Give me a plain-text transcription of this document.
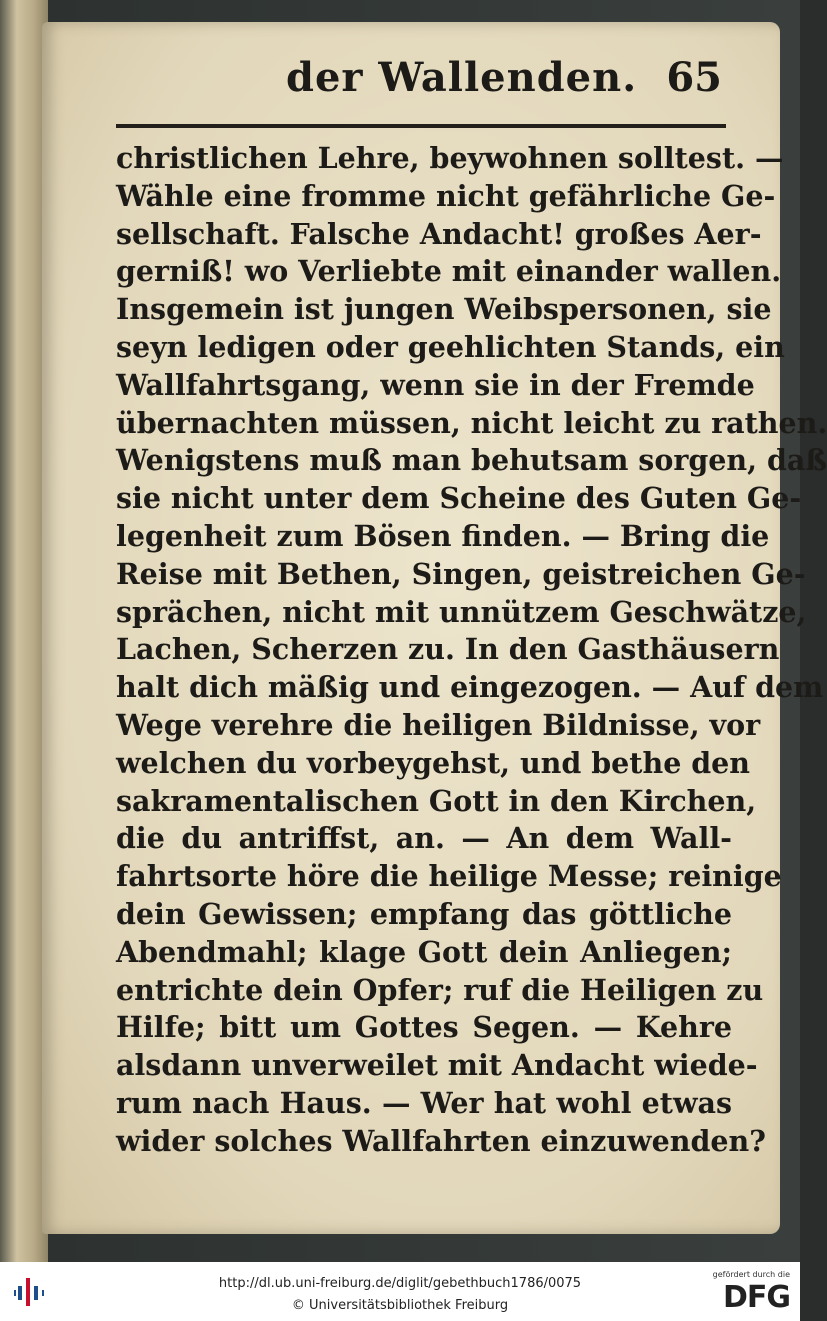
der Wallenden. 65
christlichen Lehre, beywohnen solltest. —
Wähle eine fromme nicht gefährliche Ge-
sellschaft. Falsche Andacht! großes Aer-
gerniß! wo Verliebte mit einander wallen.
Insgemein ist jungen Weibspersonen, sie
seyn ledigen oder geehlichten Stands, ein
Wallfahrtsgang, wenn sie in der Fremde
übernachten müssen, nicht leicht zu rathen.
Wenigstens muß man behutsam sorgen, daß
sie nicht unter dem Scheine des Guten Ge-
legenheit zum Bösen finden. — Bring die
Reise mit Bethen, Singen, geistreichen Ge-
sprächen, nicht mit unnützem Geschwätze,
Lachen, Scherzen zu. In den Gasthäusern
halt dich mäßig und eingezogen. — Auf dem
Wege verehre die heiligen Bildnisse, vor
welchen du vorbeygehst, und bethe den
sakramentalischen Gott in den Kirchen,
die du antriffst, an. — An dem Wall-
fahrtsorte höre die heilige Messe; reinige
dein Gewissen; empfang das göttliche
Abendmahl; klage Gott dein Anliegen;
entrichte dein Opfer; ruf die Heiligen zu
Hilfe; bitt um Gottes Segen. — Kehre
alsdann unverweilet mit Andacht wiede-
rum nach Haus. — Wer hat wohl etwas
wider solches Wallfahrten einzuwenden?
http://dl.ub.uni-freiburg.de/diglit/gebethbuch1786/0075
© Universitätsbibliothek Freiburg
gefördert durch die
DFG
